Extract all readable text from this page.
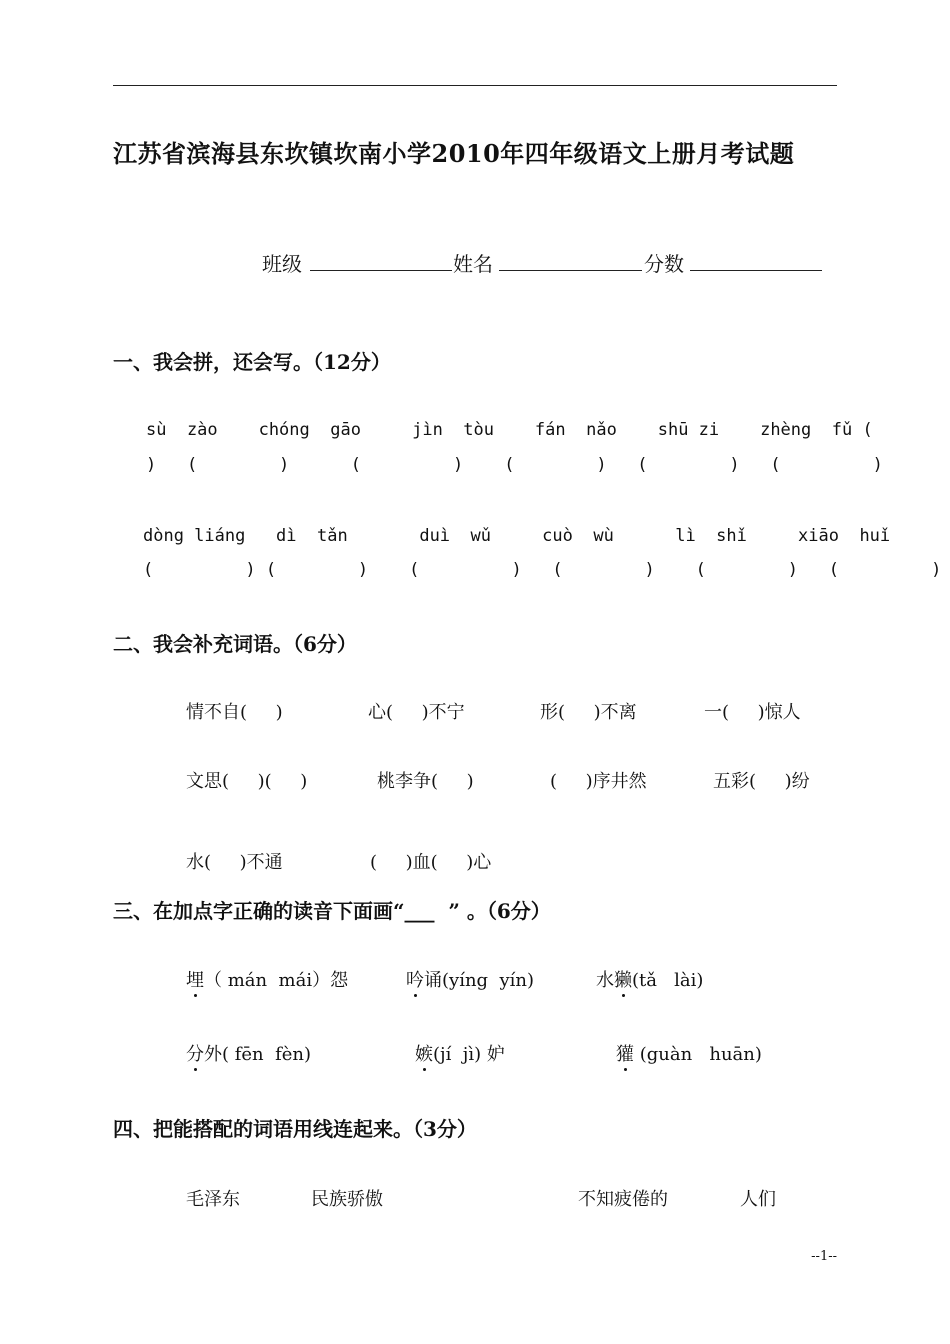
江苏省滨海县东坎镇坎南小学2010年四年级语文上册月考试题
班级	姓名	分数
一、我会拼，还会写。（12分）
sù  zào    chóng  gāo     jìn  tòu    fán  nǎo    shū zi    zhèng  fǔ (
)   (        )      (         )    (        )   (        )   (         )
dòng liáng   dì  tǎn       duì  wǔ     cuò  wù      lì  shǐ     xiāo  huǐ
(         ) (        )    (         )   (        )    (        )   (         )
二、我会补充词语。（6分）
情不自(     )	心(     )不宁	形(     )不离	一(     )惊人
文思(     )(     )	桃李争(     )	(     )序井然	五彩(     )纷
水(     )不通	(     )血(     )心
三、在加点字正确的读音下面画“___  ” 。（6分）
埋（ mán  mái）怨	吟诵(yíng  yín)	水獭(tǎ   lài)
分外( fēn  fèn)	嫉(jí  jì) 妒	獾 (guàn   huān)
四、把能搭配的词语用线连起来。（3分）
毛泽东	民族骄傲	不知疲倦的	人们
--1--
